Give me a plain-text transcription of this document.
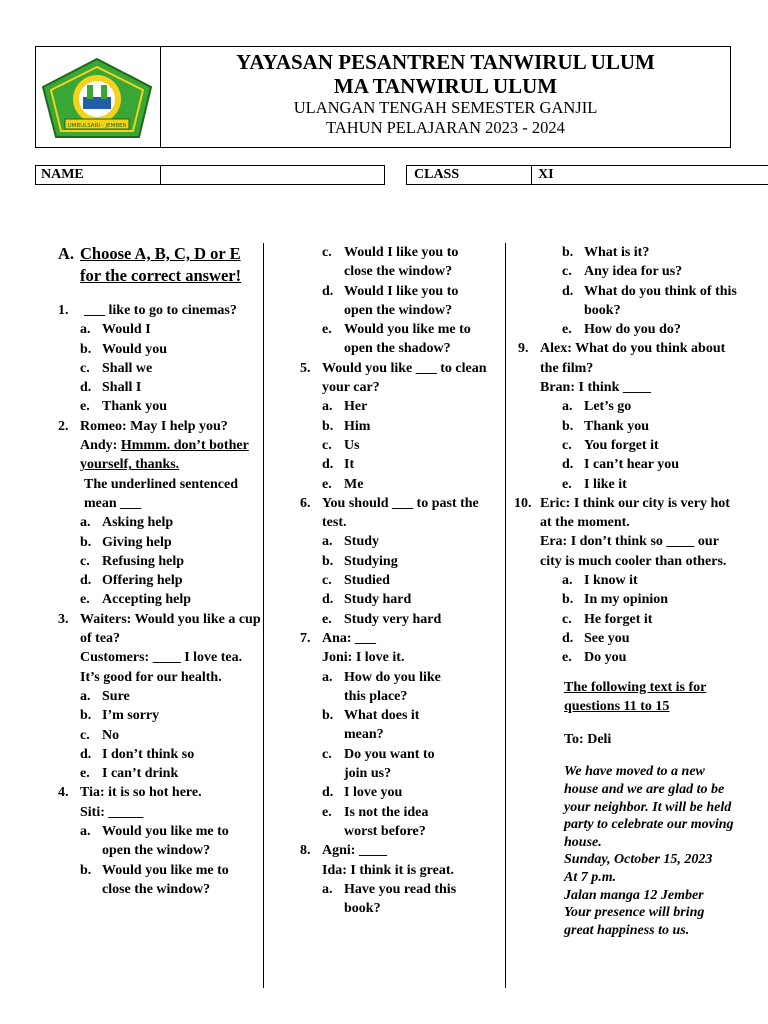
UMBULSARI - JEMBER
YAYASAN PESANTREN TANWIRUL ULUM
MA TANWIRUL ULUM
ULANGAN TENGAH SEMESTER GANJIL
TAHUN PELAJARAN 2023 - 2024
NAME	CLASS	XI
A. Choose A, B, C, D or E for the correct answer!
1. ___ like to go to cinemas?
a. Would I
b. Would you
c. Shall we
d. Shall I
e. Thank you
2. Romeo: May I help you?
Andy: Hmmm. don’t bother yourself, thanks.
The underlined sentenced mean ___
a. Asking help
b. Giving help
c. Refusing help
d. Offering help
e. Accepting help
3. Waiters: Would you like a cup of tea?
Customers: ____ I love tea. It’s good for our health.
a. Sure
b. I’m sorry
c. No
d. I don’t think so
e. I can’t drink
4. Tia: it is so hot here.
Siti: _____
a. Would you like me to open the window?
b. Would you like me to close the window?
c. Would I like you to close the window?
d. Would I like you to open the window?
e. Would you like me to open the shadow?
5. Would you like ___ to clean your car?
a. Her
b. Him
c. Us
d. It
e. Me
6. You should ___ to past the test.
a. Study
b. Studying
c. Studied
d. Study hard
e. Study very hard
7. Ana: ___
Joni: I love it.
a. How do you like this place?
b. What does it mean?
c. Do you want to join us?
d. I love you
e. Is not the idea worst before?
8. Agni: ____
Ida: I think it is great.
a. Have you read this book?
b. What is it?
c. Any idea for us?
d. What do you think of this book?
e. How do you do?
9. Alex: What do you think about the film?
Bran: I think ____
a. Let’s go
b. Thank you
c. You forget it
d. I can’t hear you
e. I like it
10. Eric: I think our city is very hot at the moment.
Era: I don’t think so ____ our city is much cooler than others.
a. I know it
b. In my opinion
c. He forget it
d. See you
e. Do you
The following text is for questions 11 to 15
To: Deli
We have moved to a new house and we are glad to be your neighbor. It will be held party to celebrate our moving house.
Sunday, October 15, 2023
At 7 p.m.
Jalan manga 12 Jember
Your presence will bring great happiness to us.
